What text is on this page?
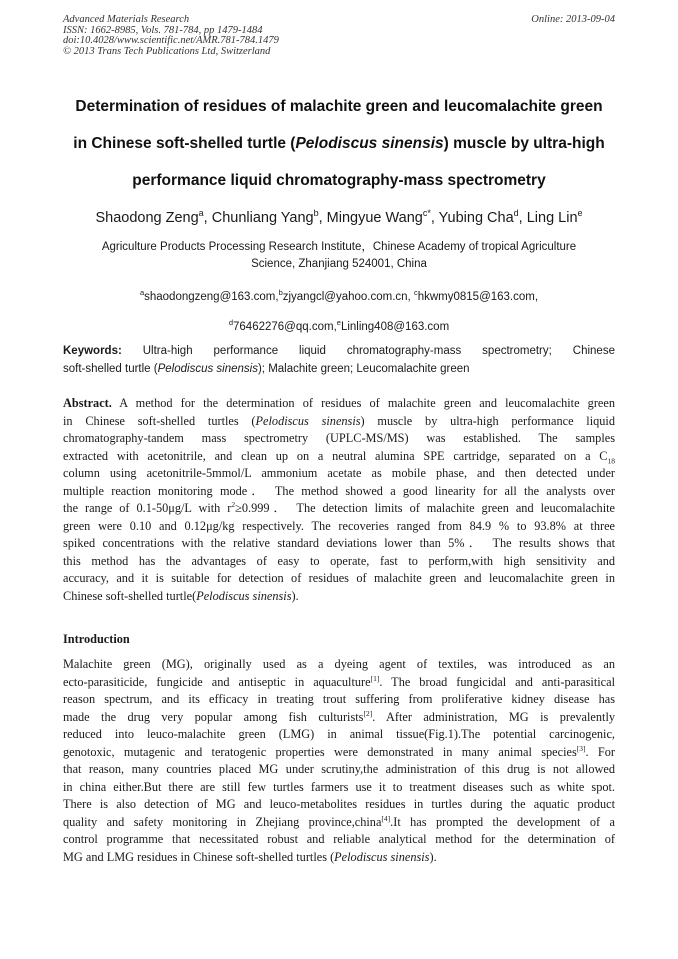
Advanced Materials Research
ISSN: 1662-8985, Vols. 781-784, pp 1479-1484
doi:10.4028/www.scientific.net/AMR.781-784.1479
© 2013 Trans Tech Publications Ltd, Switzerland
Online: 2013-09-04
Determination of residues of malachite green and leucomalachite green
in Chinese soft-shelled turtle (Pelodiscus sinensis) muscle by ultra-high
performance liquid chromatography-mass spectrometry
Shaodong Zeng$^a$, Chunliang Yang$^b$, Mingyue Wang$^{c*}$, Yubing Cha$^d$, Ling Lin$^e$
Agriculture Products Processing Research Institute，Chinese Academy of tropical Agriculture
Science, Zhanjiang 524001, China
$^a$shaodongzeng@163.com,$^b$zjyangcl@yahoo.com.cn, $^c$hkwmy0815@163.com,
$^d$76462276@qq.com,$^e$Linling408@163.com
Keywords: Ultra-high performance liquid chromatography-mass spectrometry; Chinese
soft-shelled turtle (Pelodiscus sinensis); Malachite green; Leucomalachite green
Abstract. A method for the determination of residues of malachite green and leucomalachite green
in Chinese soft-shelled turtles (Pelodiscus sinensis) muscle by ultra-high performance liquid
chromatography-tandem mass spectrometry (UPLC-MS/MS) was established. The samples
extracted with acetonitrile, and clean up on a neutral alumina SPE cartridge, separated on a $C_{18}$
column using acetonitrile-5mmol/L ammonium acetate as mobile phase, and then detected under
multiple reaction monitoring mode． The method showed a good linearity for all the analysts over
the range of 0.1-50μg/L with $r^2\ge 0.999$． The detection limits of malachite green and leucomalachite
green were 0.10 and 0.12μg/kg respectively. The recoveries ranged from 84.9 % to 93.8% at three
spiked concentrations with the relative standard deviations lower than 5%． The results shows that
this method has the advantages of easy to operate, fast to perform,with high sensitivity and
accuracy, and it is suitable for detection of residues of malachite green and leucomalachite green in
Chinese soft-shelled turtle(Pelodiscus sinensis).
Introduction
Malachite green (MG), originally used as a dyeing agent of textiles, was introduced as an
ecto-parasiticide, fungicide and antiseptic in aquaculture[1]. The broad fungicidal and anti-parasitical
reason spectrum, and its efficacy in treating trout suffering from proliferative kidney disease has
made the drug very popular among fish culturists[2]. After administration, MG is prevalently
reduced into leuco-malachite green (LMG) in animal tissue(Fig.1).The potential carcinogenic,
genotoxic, mutagenic and teratogenic properties were demonstrated in many animal species[3]. For
that reason, many countries placed MG under scrutiny,the administration of this drug is not allowed
in china either.But there are still few turtles farmers use it to treatment diseases such as white spot.
There is also detection of MG and leuco-metabolites residues in turtles during the aquatic product
quality and safety monitoring in Zhejiang province,china[4].It has prompted the development of a
control programme that necessitated robust and reliable analytical method for the determination of
MG and LMG residues in Chinese soft-shelled turtles (Pelodiscus sinensis).
